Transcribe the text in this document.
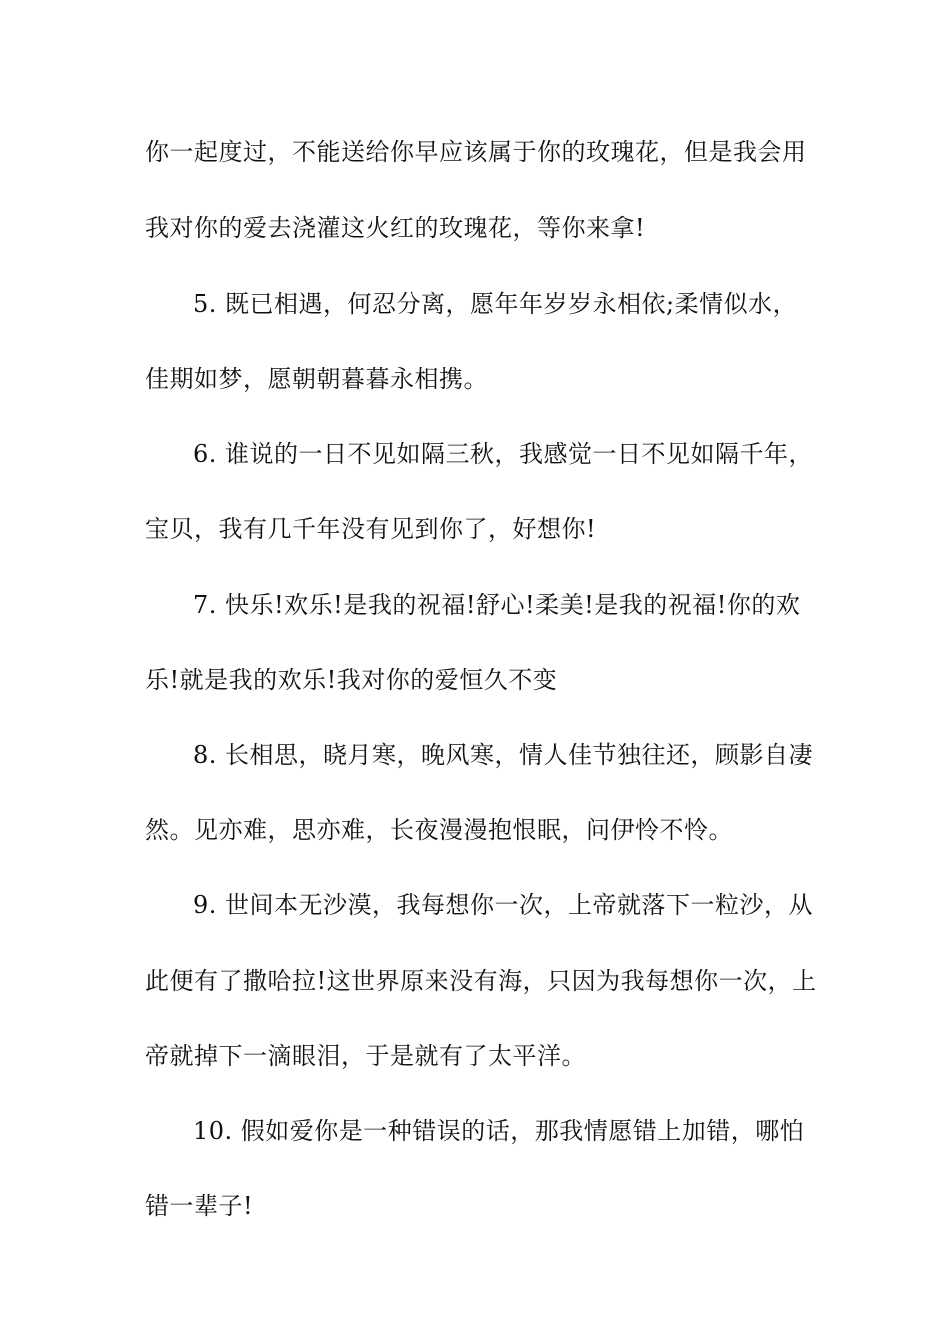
你一起度过，不能送给你早应该属于你的玫瑰花，但是我会用
我对你的爱去浇灌这火红的玫瑰花，等你来拿!
5. 既已相遇，何忍分离，愿年年岁岁永相依;柔情似水，
佳期如梦，愿朝朝暮暮永相携。
6. 谁说的一日不见如隔三秋，我感觉一日不见如隔千年，
宝贝，我有几千年没有见到你了，好想你!
7. 快乐!欢乐!是我的祝福!舒心!柔美!是我的祝福!你的欢
乐!就是我的欢乐!我对你的爱恒久不变
8. 长相思，晓月寒，晚风寒，情人佳节独往还，顾影自凄
然。见亦难，思亦难，长夜漫漫抱恨眠，问伊怜不怜。
9. 世间本无沙漠，我每想你一次，上帝就落下一粒沙，从
此便有了撒哈拉!这世界原来没有海，只因为我每想你一次，上
帝就掉下一滴眼泪，于是就有了太平洋。
10. 假如爱你是一种错误的话，那我情愿错上加错，哪怕
错一辈子!
